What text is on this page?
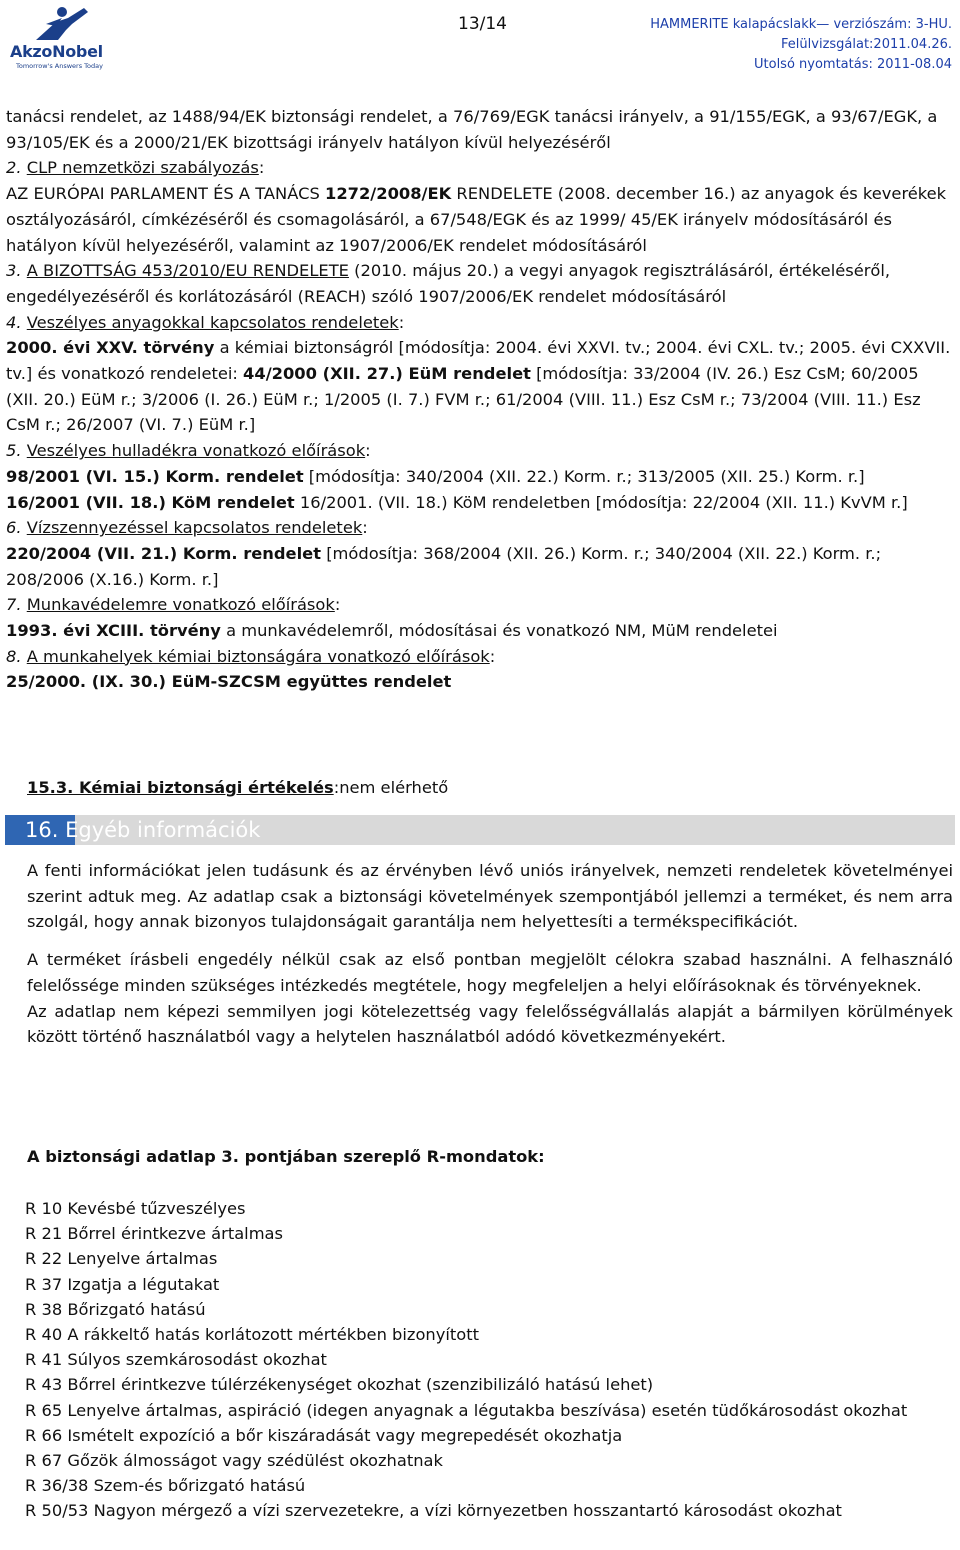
AkzoNobel
Tomorrow's Answers Today
13/14	HAMMERITE kalapácslakk— verziószám: 3-HU.
Felülvizsgálat:2011.04.26.
Utolsó nyomtatás: 2011-08.04

tanácsi rendelet, az 1488/94/EK biztonsági rendelet, a 76/769/EGK tanácsi irányelv, a 91/155/EGK, a 93/67/EGK, a 93/105/EK és a 2000/21/EK bizottsági irányelv hatályon kívül helyezéséről

2. CLP nemzetközi szabályozás:
AZ EURÓPAI PARLAMENT ÉS A TANÁCS 1272/2008/EK RENDELETE (2008. december 16.) az anyagok és keverékek osztályozásáról, címkézéséről és csomagolásáról, a 67/548/EGK és az 1999/ 45/EK irányelv módosításáról és hatályon kívül helyezéséről, valamint az 1907/2006/EK rendelet módosításáról

3. A BIZOTTSÁG 453/2010/EU RENDELETE (2010. május 20.) a vegyi anyagok regisztrálásáról, értékeléséről, engedélyezéséről és korlátozásáról (REACH) szóló 1907/2006/EK rendelet módosításáról

4. Veszélyes anyagokkal kapcsolatos rendeletek:
2000. évi XXV. törvény a kémiai biztonságról [módosítja: 2004. évi XXVI. tv.; 2004. évi CXL. tv.; 2005. évi CXXVII. tv.] és vonatkozó rendeletei: 44/2000 (XII. 27.) EüM rendelet [módosítja: 33/2004 (IV. 26.) Esz CsM; 60/2005 (XII. 20.) EüM r.; 3/2006 (I. 26.) EüM r.; 1/2005 (I. 7.) FVM r.; 61/2004 (VIII. 11.) Esz CsM r.; 73/2004 (VIII. 11.) Esz CsM r.; 26/2007 (VI. 7.) EüM r.]

5. Veszélyes hulladékra vonatkozó előírások:
98/2001 (VI. 15.) Korm. rendelet [módosítja: 340/2004 (XII. 22.) Korm. r.; 313/2005 (XII. 25.) Korm. r.]
16/2001 (VII. 18.) KöM rendelet 16/2001. (VII. 18.) KöM rendeletben [módosítja: 22/2004 (XII. 11.) KvVM r.]

6. Vízszennyezéssel kapcsolatos rendeletek:
220/2004 (VII. 21.) Korm. rendelet [módosítja: 368/2004 (XII. 26.) Korm. r.; 340/2004 (XII. 22.) Korm. r.; 208/2006 (X.16.) Korm. r.]

7. Munkavédelemre vonatkozó előírások:
1993. évi XCIII. törvény a munkavédelemről, módosításai és vonatkozó NM, MüM rendeletei

8. A munkahelyek kémiai biztonságára vonatkozó előírások:
25/2000. (IX. 30.) EüM-SZCSM együttes rendelet

15.3. Kémiai biztonsági értékelés:nem elérhető
16. Egyéb információk

A fenti információkat jelen tudásunk és az érvényben lévő uniós irányelvek, nemzeti rendeletek követelményei szerint adtuk meg. Az adatlap csak a biztonsági követelmények szempontjából jellemzi a terméket, és nem arra szolgál, hogy annak bizonyos tulajdonságait garantálja nem helyettesíti a termékspecifikációt.

A terméket írásbeli engedély nélkül csak az első pontban megjelölt célokra szabad használni. A felhasználó felelőssége minden szükséges intézkedés megtétele, hogy megfeleljen a helyi előírásoknak és törvényeknek.

Az adatlap nem képezi semmilyen jogi kötelezettség vagy felelősségvállalás alapját a bármilyen körülmények között történő használatból vagy a helytelen használatból adódó következményekért.

A biztonsági adatlap 3. pontjában szereplő R-mondatok:
R 10 Kevésbé tűzveszélyes
R 21 Bőrrel érintkezve ártalmas
R 22 Lenyelve ártalmas
R 37 Izgatja a légutakat
R 38 Bőrizgató hatású
R 40 A rákkeltő hatás korlátozott mértékben bizonyított
R 41 Súlyos szemkárosodást okozhat
R 43 Bőrrel érintkezve túlérzékenységet okozhat (szenzibilizáló hatású lehet)
R 65 Lenyelve ártalmas, aspiráció (idegen anyagnak a légutakba beszívása) esetén tüdőkárosodást okozhat
R 66 Ismételt expozíció a bőr kiszáradását vagy megrepedését okozhatja
R 67 Gőzök álmosságot vagy szédülést okozhatnak
R 36/38 Szem-és bőrizgató hatású
R 50/53 Nagyon mérgező a vízi szervezetekre, a vízi környezetben hosszantartó károsodást okozhat
